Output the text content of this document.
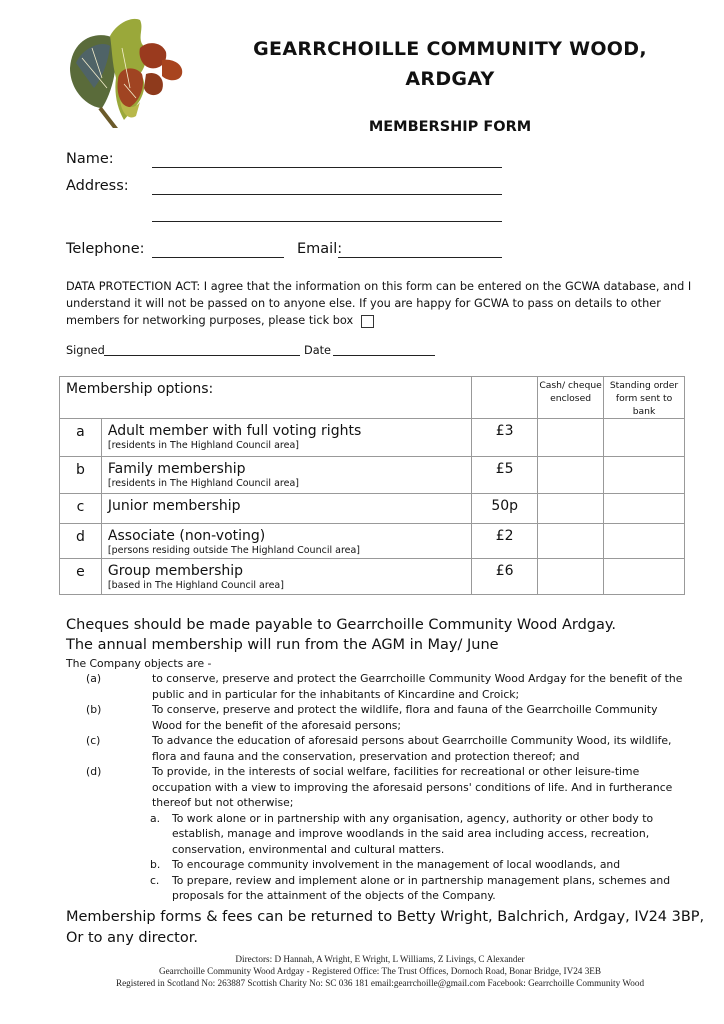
GEARRCHOILLE COMMUNITY WOOD,
ARDGAY
MEMBERSHIP FORM
Name:
Address:
Telephone:	Email:
DATA PROTECTION ACT: I agree that the information on this form can be entered on the GCWA database, and I understand it will not be passed on to anyone else. If you are happy for GCWA to pass on details to other members for networking purposes, please tick box
Signed	Date
Membership options:			Cash/ cheque enclosed	Standing order form sent to bank
a	Adult member with full voting rights
[residents in The Highland Council area]	£3		
b	Family membership
[residents in The Highland Council area]	£5		
c	Junior membership	50p		
d	Associate (non-voting)
[persons residing outside The Highland Council area]	£2		
e	Group membership
[based in The Highland Council area]	£6		
Cheques should be made payable to Gearrchoille Community Wood Ardgay.
The annual membership will run from the AGM in May/ June
The Company objects are -
(a)	to conserve, preserve and protect the Gearrchoille Community Wood Ardgay for the benefit of the public and in particular for the inhabitants of Kincardine and Croick;
(b)	To conserve, preserve and protect the wildlife, flora and fauna of the Gearrchoille Community Wood for the benefit of the aforesaid persons;
(c)	To advance the education of aforesaid persons about Gearrchoille Community Wood, its wildlife, flora and fauna and the conservation, preservation and protection thereof; and
(d)	To provide, in the interests of social welfare, facilities for recreational or other leisure-time occupation with a view to improving the aforesaid persons' conditions of life. And in furtherance thereof but not otherwise;
a. To work alone or in partnership with any organisation, agency, authority or other body to establish, manage and improve woodlands in the said area including access, recreation, conservation, environmental and cultural matters.
b. To encourage community involvement in the management of local woodlands, and
c. To prepare, review and implement alone or in partnership management plans, schemes and proposals for the attainment of the objects of the Company.
Membership forms & fees can be returned to Betty Wright, Balchrich, Ardgay, IV24 3BP,
Or to any director.
Directors: D Hannah, A Wright, E Wright, L Williams, Z Livings, C Alexander
Gearrchoille Community Wood Ardgay - Registered Office: The Trust Offices, Dornoch Road, Bonar Bridge, IV24 3EB
Registered in Scotland No: 263887 Scottish Charity No: SC 036 181 email:gearrchoille@gmail.com Facebook: Gearrchoille Community Wood
